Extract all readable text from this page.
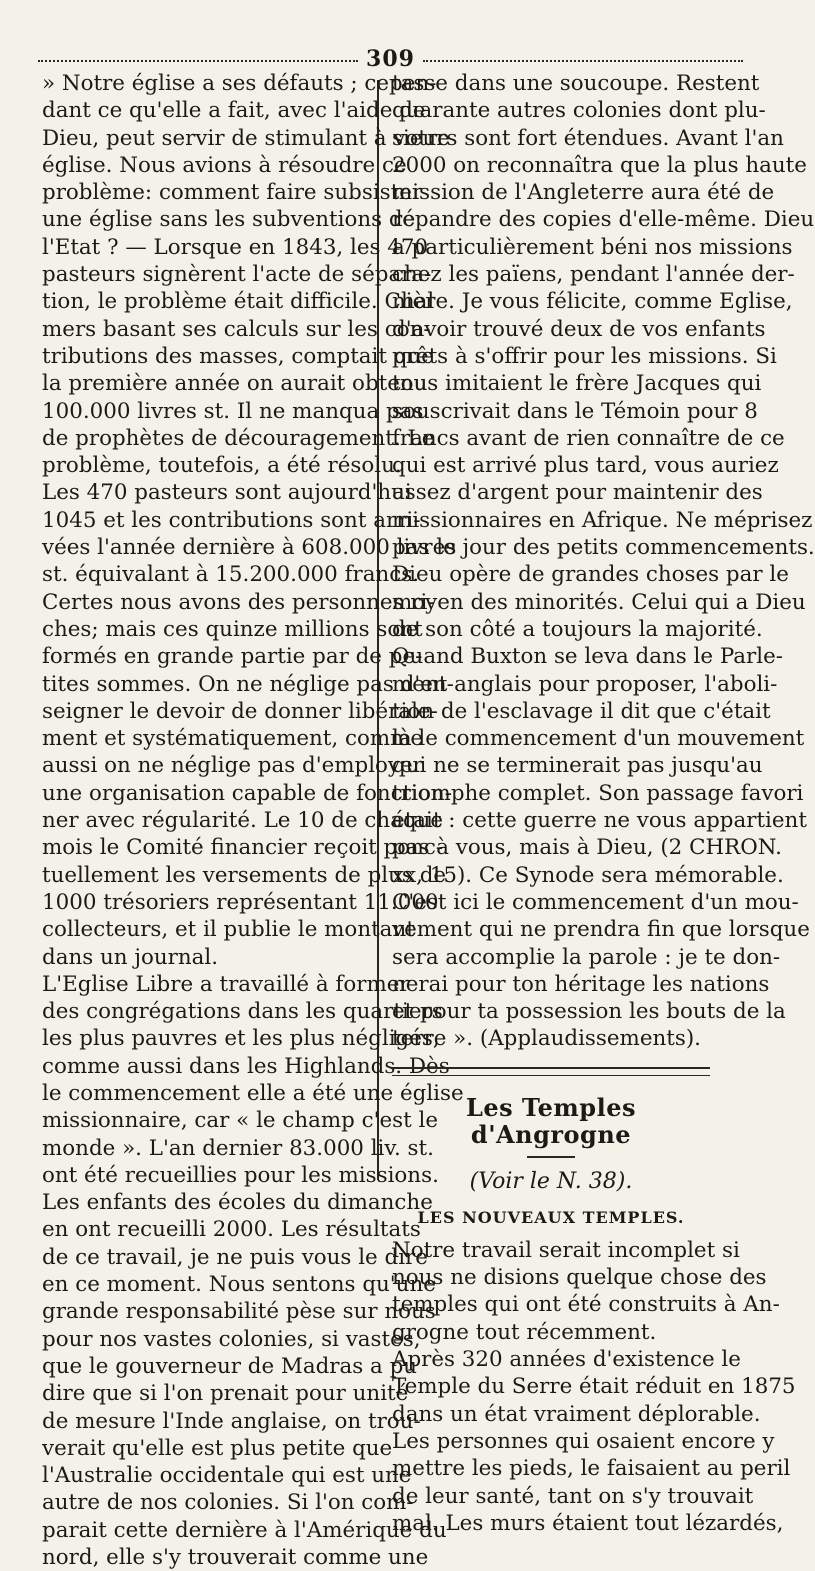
309
» Notre église a ses défauts ; cepen-
dant ce qu'elle a fait, avec l'aide de
Dieu, peut servir de stimulant à votre
église. Nous avions à résoudre ce
problème: comment faire subsister
une église sans les subventions de
l'Etat ? — Lorsque en 1843, les 470
pasteurs signèrent l'acte de sépara-
tion, le problème était difficile. Chal
mers basant ses calculs sur les con-
tributions des masses, comptait que
la première année on aurait obtenu
100.000 livres st. Il ne manqua pas
de prophètes de découragement. Le
problème, toutefois, a été résolu.
Les 470 pasteurs sont aujourd'hui
1045 et les contributions sont arri-
vées l'année dernière à 608.000 livres
st. équivalant à 15.200.000 francs.
Certes nous avons des personnes ri-
ches; mais ces quinze millions sont
formés en grande partie par de pe-
tites sommes. On ne néglige pas d'en-
seigner le devoir de donner libérale-
ment et systématiquement, comme
aussi on ne néglige pas d'employer
une organisation capable de fonction-
ner avec régularité. Le 10 de chaque
mois le Comité financier reçoit ponc-
tuellement les versements de plus de
1000 trésoriers représentant 11.000
collecteurs, et il publie le montant
dans un journal.
L'Eglise Libre a travaillé à former
des congrégations dans les quartiers
les plus pauvres et les plus négligés,
comme aussi dans les Highlands. Dès
le commencement elle a été une église
missionnaire, car « le champ c'est le
monde ». L'an dernier 83.000 liv. st.
ont été recueillies pour les missions.
Les enfants des écoles du dimanche
en ont recueilli 2000. Les résultats
de ce travail, je ne puis vous le dire
en ce moment. Nous sentons qu'une
grande responsabilité pèse sur nous
pour nos vastes colonies, si vastes,
que le gouverneur de Madras a pu
dire que si l'on prenait pour unité
de mesure l'Inde anglaise, on trou-
verait qu'elle est plus petite que
l'Australie occidentale qui est une
autre de nos colonies. Si l'on com-
parait cette dernière à l'Amérique du
nord, elle s'y trouverait comme une
tasse dans une soucoupe. Restent
quarante autres colonies dont plu-
sieurs sont fort étendues. Avant l'an
2000 on reconnaîtra que la plus haute
mission de l'Angleterre aura été de
répandre des copies d'elle-même. Dieu
a particulièrement béni nos missions
chez les païens, pendant l'année der-
nière. Je vous félicite, comme Eglise,
d'avoir trouvé deux de vos enfants
prêts à s'offrir pour les missions. Si
tous imitaient le frère Jacques qui
souscrivait dans le Témoin pour 8
francs avant de rien connaître de ce
qui est arrivé plus tard, vous auriez
assez d'argent pour maintenir des
missionnaires en Afrique. Ne méprisez
pas le jour des petits commencements.
Dieu opère de grandes choses par le
moyen des minorités. Celui qui a Dieu
de son côté a toujours la majorité.
Quand Buxton se leva dans le Parle-
ment anglais pour proposer, l'aboli-
tion de l'esclavage il dit que c'était
là le commencement d'un mouvement
qui ne se terminerait pas jusqu'au
triomphe complet. Son passage favori
était : cette guerre ne vous appartient
pas à vous, mais à Dieu, (2 CHRON.
xx, 15). Ce Synode sera mémorable.
C'est ici le commencement d'un mou-
vement qui ne prendra fin que lorsque
sera accomplie la parole : je te don-
nerai pour ton héritage les nations
et pour ta possession les bouts de la
terre ». (Applaudissements).
Les Temples d'Angrogne
(Voir le N. 38).
LES NOUVEAUX TEMPLES.
Notre travail serait incomplet si
nous ne disions quelque chose des
temples qui ont été construits à An-
grogne tout récemment.
Après 320 années d'existence le
Temple du Serre était réduit en 1875
dans un état vraiment déplorable.
Les personnes qui osaient encore y
mettre les pieds, le faisaient au peril
de leur santé, tant on s'y trouvait
mal. Les murs étaient tout lézardés,
